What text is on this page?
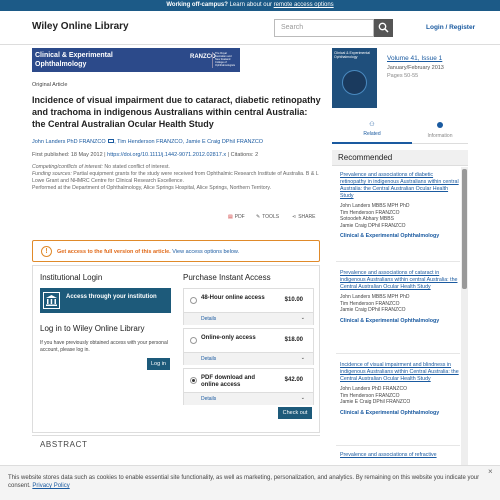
Working off-campus? Learn about our remote access options
Wiley Online Library	Search	Login / Register
Clinical & Experimental Ophthalmology
RANZCO
The Royal Australian and New Zealand College of Ophthalmologists
Original Article
Incidence of visual impairment due to cataract, diabetic retinopathy and trachoma in indigenous Australians within central Australia: the Central Australian Ocular Health Study
John Landers PhD FRANZCO , Tim Henderson FRANZCO, Jamie E Craig DPhil FRANZCO
First published: 18 May 2012 | https://doi.org/10.1111/j.1442-9071.2012.02817.x | Citations: 2
Competing/conflicts of interest: No stated conflict of interest.
Funding sources: Partial equipment grants for the study were received from Ophthalmic Research Institute of Australia. B & L Lowe Grant and NHMRC Centre for Clinical Research Excellence.
Performed at the Department of Ophthalmology, Alice Springs Hospital, Alice Springs, Northern Territory.
▤ PDF ✎ TOOLS	⋖ SHARE
!	Get access to the full version of this article. View access options below.
Institutional Login
Access through your institution
Log in to Wiley Online Library
If you have previously obtained access with your personal account, please log in.
Log in
Purchase Instant Access
48-Hour online access	$10.00
Details	⌄
Online-only access	$18.00
Details	⌄
PDF download and online access
$42.00
Details	⌄
Check out
ABSTRACT
Clinical & Experimental Ophthalmology	Volume 41, Issue 1
January/February 2013
Pages 50-55
⚇
Related	Information
Recommended
Prevalence and associations of diabetic retinopathy in indigenous Australians within central Australia: the Central Australian Ocular Health Study
John Landers MBBS MPH PhD
Tim Henderson FRANZCO
Sotoodeh Abhary MBBS
Jamie Craig DPhil FRANZCO
Clinical & Experimental Ophthalmology
Prevalence and associations of cataract in indigenous Australians within central Australia: the Central Australian Ocular Health Study
John Landers MBBS MPH PhD
Tim Henderson FRANZCO
Jamie Craig DPhil FRANZCO
Clinical & Experimental Ophthalmology
Incidence of visual impairment and blindness in indigenous Australians within Central Australia: the Central Australian Ocular Health Study
John Landers PhD FRANZCO
Tim Henderson FRANZCO
Jamie E Craig DPhil FRANZCO
Clinical & Experimental Ophthalmology
Prevalence and associations of refractive
×
This website stores data such as cookies to enable essential site functionality, as well as marketing, personalization, and analytics. By remaining on this website you indicate your consent. Privacy Policy
